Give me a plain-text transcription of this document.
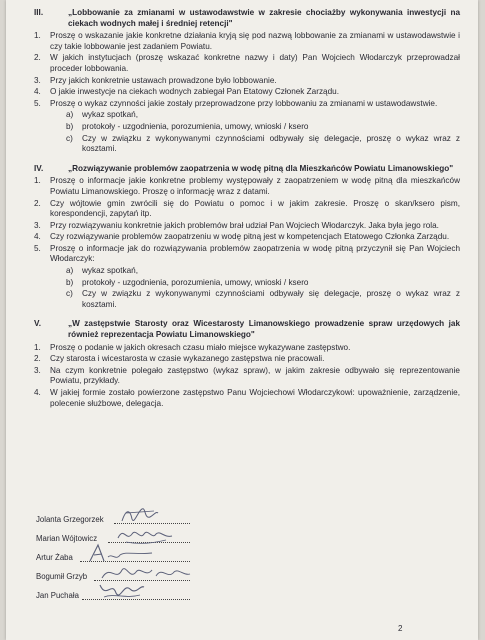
III.	„Lobbowanie za zmianami w ustawodawstwie w zakresie chociażby wykonywania inwestycji na ciekach wodnych małej i średniej retencji"
1. Proszę o wskazanie jakie konkretne działania kryją się pod nazwą lobbowanie za zmianami w ustawodawstwie i czy takie lobbowanie jest zadaniem Powiatu.
2. W jakich instytucjach (proszę wskazać konkretne nazwy i daty) Pan Wojciech Włodarczyk przeprowadzał proceder lobbowania.
3. Przy jakich konkretnie ustawach prowadzone było lobbowanie.
4. O jakie inwestycje na ciekach wodnych zabiegał Pan Etatowy Członek Zarządu.
5. Proszę o wykaz czynności jakie zostały przeprowadzone przy lobbowaniu za zmianami w ustawodawstwie.
a) wykaz spotkań,
b) protokoły - uzgodnienia, porozumienia, umowy, wnioski / ksero
c) Czy w związku z wykonywanymi czynnościami odbywały się delegacje, proszę o wykaz wraz z kosztami.
IV.	„Rozwiązywanie problemów zaopatrzenia w wodę pitną dla Mieszkańców Powiatu Limanowskiego"
1. Proszę o informacje jakie konkretne problemy występowały z zaopatrzeniem w wodę pitną dla mieszkańców Powiatu Limanowskiego. Proszę o informację wraz z datami.
2. Czy wójtowie gmin zwrócili się do Powiatu o pomoc i w jakim zakresie. Proszę o skan/ksero pism, korespondencji, zapytań itp.
3. Przy rozwiązywaniu konkretnie jakich problemów brał udział Pan Wojciech Włodarczyk. Jaka była jego rola.
4. Czy rozwiązywanie problemów zaopatrzeniu w wodę pitną jest w kompetencjach Etatowego Członka Zarządu.
5. Proszę o informacje jak do rozwiązywania problemów zaopatrzenia w wodę pitną przyczynił się Pan Wojciech Włodarczyk:
a) wykaz spotkań,
b) protokoły - uzgodnienia, porozumienia, umowy, wnioski / ksero
c) Czy w związku z wykonywanymi czynnościami odbywały się delegacje, proszę o wykaz wraz z kosztami.
V.	„W zastępstwie Starosty oraz Wicestarosty Limanowskiego prowadzenie spraw urzędowych jak również reprezentacja Powiatu Limanowskiego"
1. Proszę o podanie w jakich okresach czasu miało miejsce wykazywane zastępstwo.
2. Czy starosta i wicestarosta w czasie wykazanego zastępstwa nie pracowali.
3. Na czym konkretnie polegało zastępstwo (wykaz spraw), w jakim zakresie odbywało się reprezentowanie Powiatu, przykłady.
4. W jakiej formie zostało powierzone zastępstwo Panu Wojciechowi Włodarczykowi: upoważnienie, zarządzenie, polecenie służbowe, delegacja.
Jolanta Grzegorzek
Marian Wójtowicz
Artur Żaba
Bogumił Grzyb
Jan Puchała
2
